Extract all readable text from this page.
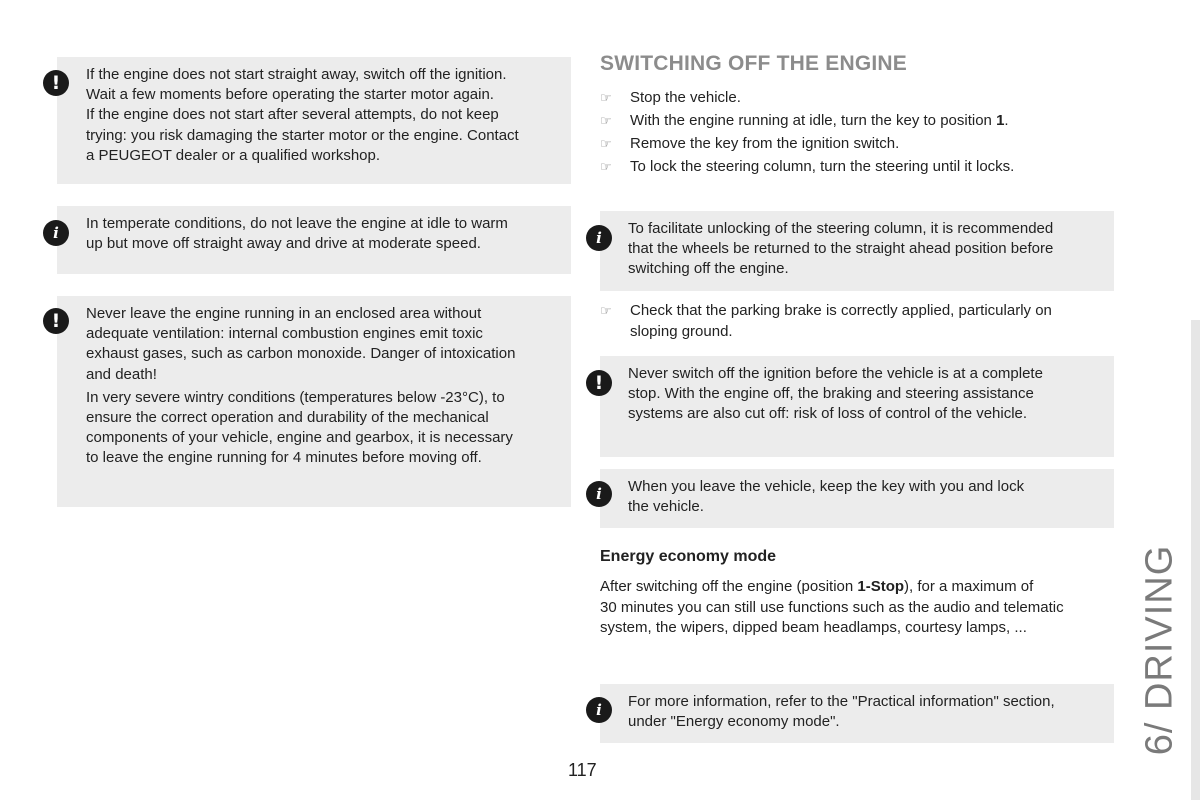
!	If the engine does not start straight away, switch off the ignition.

Wait a few moments before operating the starter motor again.

If the engine does not start after several attempts, do not keep

trying: you risk damaging the starter motor or the engine. Contact

a PEUGEOT dealer or a qualified workshop.

i

In temperate conditions, do not leave the engine at idle to warm

up but move off straight away and drive at moderate speed.

!	Never leave the engine running in an enclosed area without

adequate ventilation: internal combustion engines emit toxic

exhaust gases, such as carbon monoxide. Danger of intoxication

and death!

In very severe wintry conditions (temperatures below -23°C), to

ensure the correct operation and durability of the mechanical

components of your vehicle, engine and gearbox, it is necessary

to leave the engine running for 4 minutes before moving off.

SWITCHING OFF THE ENGINE
☞ Stop the vehicle.
☞ With the engine running at idle, turn the key to position 1.
☞ Remove the key from the ignition switch.
☞ To lock the steering column, turn the steering until it locks.
i

To facilitate unlocking of the steering column, it is recommended

that the wheels be returned to the straight ahead position before

switching off the engine.

☞ Check that the parking brake is correctly applied, particularly on
sloping ground.
!	Never switch off the ignition before the vehicle is at a complete

stop. With the engine off, the braking and steering assistance

systems are also cut off: risk of loss of control of the vehicle.

i	When you leave the vehicle, keep the key with you and lock

the vehicle.

Energy economy mode
After switching off the engine (position 1-Stop), for a maximum of
30 minutes you can still use functions such as the audio and telematic
system, the wipers, dipped beam headlamps, courtesy lamps, ...
i	For more information, refer to the "Practical information" section,

under "Energy economy mode".

117
6/ DRIVING
